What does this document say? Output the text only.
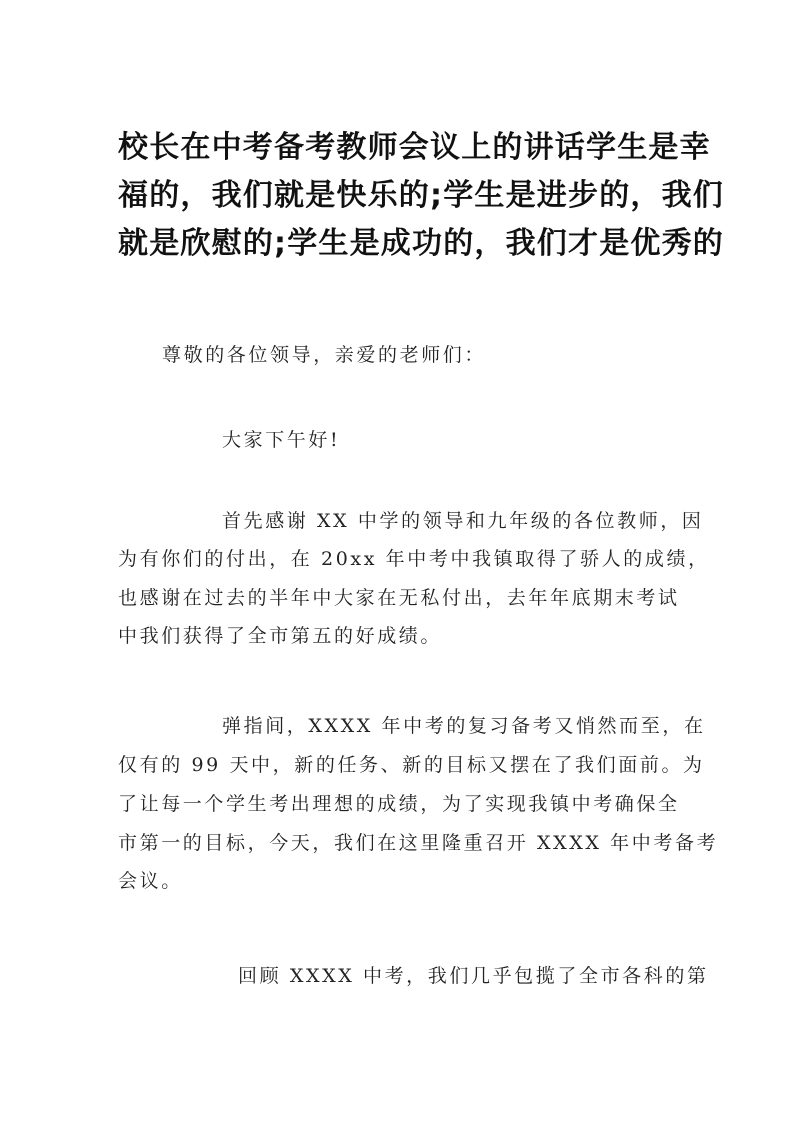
校长在中考备考教师会议上的讲话学生是幸
福的，我们就是快乐的;学生是进步的，我们
就是欣慰的;学生是成功的，我们才是优秀的
尊敬的各位领导，亲爱的老师们：
大家下午好!
首先感谢 XX 中学的领导和九年级的各位教师，因
为有你们的付出，在 20xx 年中考中我镇取得了骄人的成绩，
也感谢在过去的半年中大家在无私付出，去年年底期末考试
中我们获得了全市第五的好成绩。
弹指间，XXXX 年中考的复习备考又悄然而至，在
仅有的 99 天中，新的任务、新的目标又摆在了我们面前。为
了让每一个学生考出理想的成绩，为了实现我镇中考确保全
市第一的目标，今天，我们在这里隆重召开 XXXX 年中考备考
会议。
回顾 XXXX 中考，我们几乎包揽了全市各科的第
